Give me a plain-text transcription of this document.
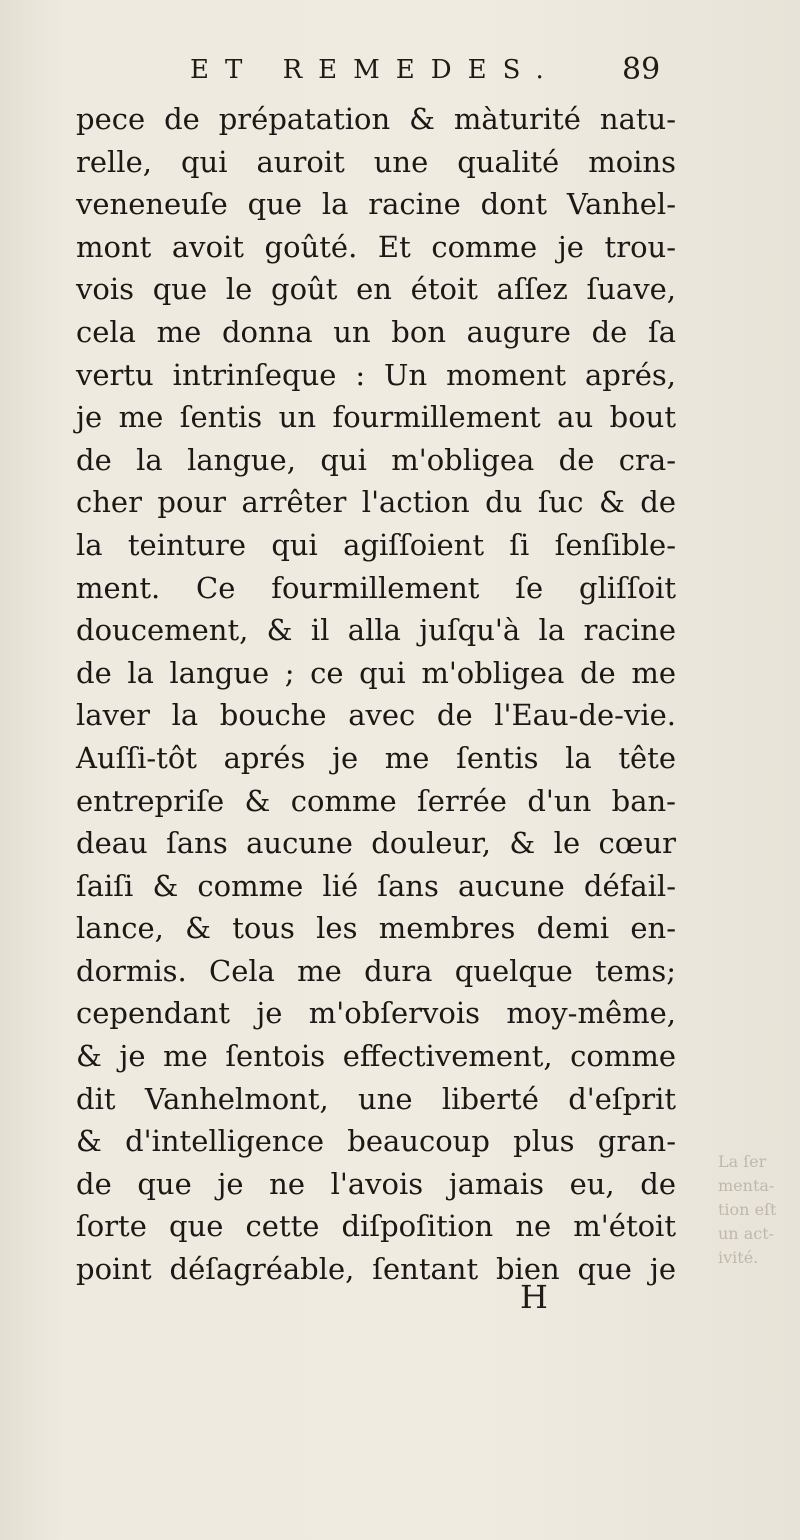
ET REMEDES.	89
pece de prépatation & màturité natu-
relle, qui auroit une qualité moins
veneneuſe que la racine dont Vanhel-
mont avoit goûté. Et comme je trou-
vois que le goût en étoit aſſez ſuave,
cela me donna un bon augure de ſa
vertu intrinſeque : Un moment aprés,
je me ſentis un fourmillement au bout
de la langue, qui m'obligea de cra-
cher pour arrêter l'action du ſuc & de
la teinture qui agiſſoient ſi ſenſible-
ment. Ce fourmillement ſe gliſſoit
doucement, & il alla juſqu'à la racine
de la langue ; ce qui m'obligea de me
laver la bouche avec de l'Eau-de-vie.
Auſſi-tôt aprés je me ſentis la tête
entrepriſe & comme ſerrée d'un ban-
deau ſans aucune douleur, & le cœur
ſaiſi & comme lié ſans aucune défail-
lance, & tous les membres demi en-
dormis. Cela me dura quelque tems;
cependant je m'obſervois moy-même,
& je me ſentois effectivement, comme
dit Vanhelmont, une liberté d'eſprit
& d'intelligence beaucoup plus gran-
de que je ne l'avois jamais eu, de
ſorte que cette diſpoſition ne m'étoit
point déſagréable, ſentant bien que je
H
La ſer
menta-
tion eſt
un act-
ivité.
